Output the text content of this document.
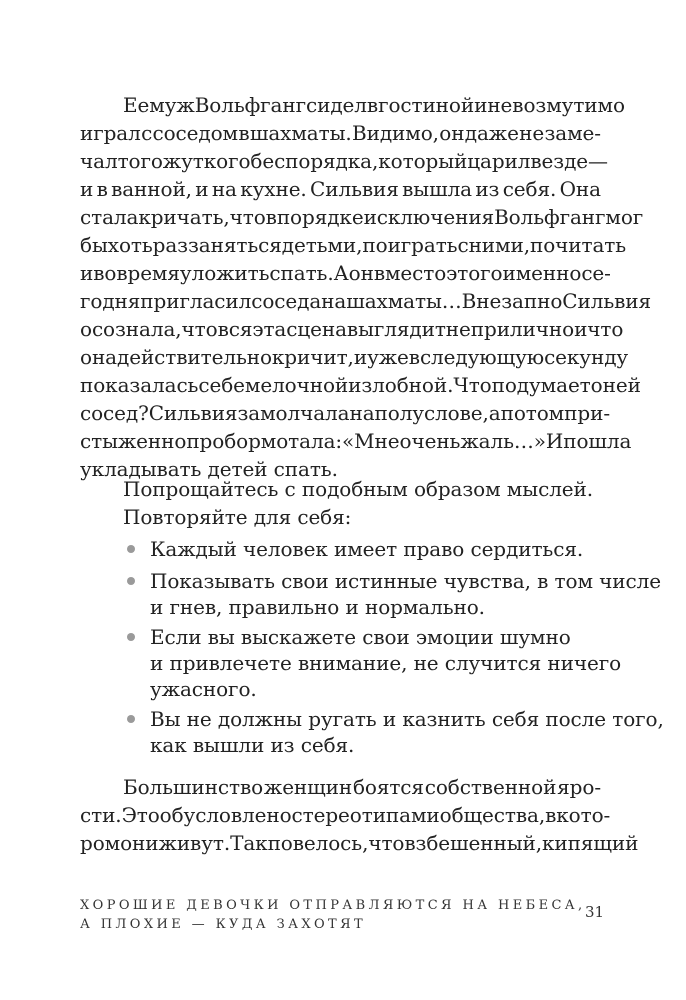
Ее муж Вольфганг сидел в гостиной и невозмутимо
играл с соседом в шахматы. Видимо, он даже не заме-
чал того жуткого беспорядка, который царил везде —
и в ванной, и на кухне. Сильвия вышла из себя. Она
стала кричать, что в порядке исключения Вольфганг мог
бы хоть раз заняться детьми, поиграть с ними, почитать
и вовремя уложить спать. А он вместо этого именно се-
годня пригласил соседа на шахматы… Внезапно Сильвия
осознала, что вся эта сцена выглядит неприлично и что
она действительно кричит, и уже в следующую секунду
показалась себе мелочной и злобной. Что подумает о ней
сосед? Сильвия замолчала на полуслове, а потом при-
стыженно пробормотала: «Мне очень жаль…» И пошла
укладывать детей спать.
Попрощайтесь с подобным образом мыслей.
Повторяйте для себя:
Каждый человек имеет право сердиться.
Показывать свои истинные чувства, в том числе
и гнев, правильно и нормально.
Если вы выскажете свои эмоции шумно
и привлечете внимание, не случится ничего
ужасного.
Вы не должны ругать и казнить себя после того,
как вышли из себя.
Большинство женщин боятся собственной яро-
сти. Это обусловлено стереотипами общества, в кото-
ром они живут. Так повелось, что взбешенный, кипящий
ХОРОШИЕ ДЕВОЧКИ ОТПРАВЛЯЮТСЯ НА НЕБЕСА,
А ПЛОХИЕ — КУДА ЗАХОТЯТ
31
